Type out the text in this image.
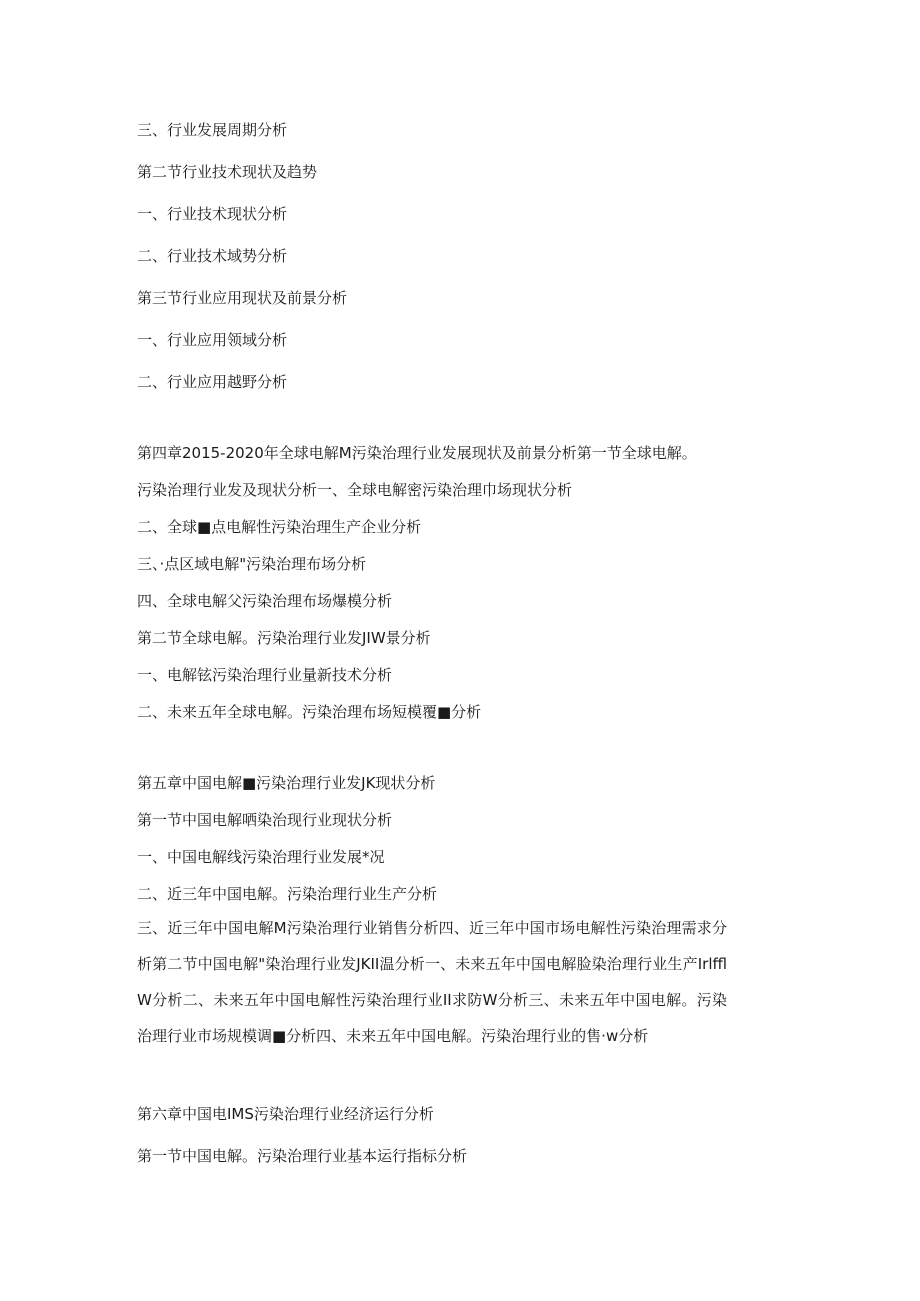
三、行业发展周期分析
第二节行业技术现状及趋势
一、行业技术现状分析
二、行业技术域势分析
第三节行业应用现状及前景分析
一、行业应用领域分析
二、行业应用越野分析
第四章2015-2020年全球电解M污染治理行业发展现状及前景分析第一节全球电解。
污染治理行业发及现状分析一、全球电解密污染治理巾场现状分析
二、全球■点电解性污染治理生产企业分析
三、·点区域电解"污染治理布场分析
四、全球电解父污染治理布场爆模分析
第二节全球电解。污染治理行业发JIW景分析
一、电解铉污染治理行业量新技术分析
二、未来五年全球电解。污染治理布场短模覆■分析
第五章中国电解■污染治理行业发JK现状分析
第一节中国电解哂染治现行业现状分析
一、中国电解线污染治理行业发展*况
二、近三年中国电解。污染治理行业生产分析
三、近三年中国电解M污染治理行业销售分析四、近三年中国市场电解性污染治理需求分析第二节中国电解"染治理行业发JKII温分析一、未来五年中国电解脸染治理行业生产IrlfflW分析二、未来五年中国电解性污染治理行业II求防W分析三、未来五年中国电解。污染治理行业市场规模调■分析四、未来五年中国电解。污染治理行业的售·w分析
第六章中国电IMS污染治理行业经济运行分析
第一节中国电解。污染治理行业基本运行指标分析
